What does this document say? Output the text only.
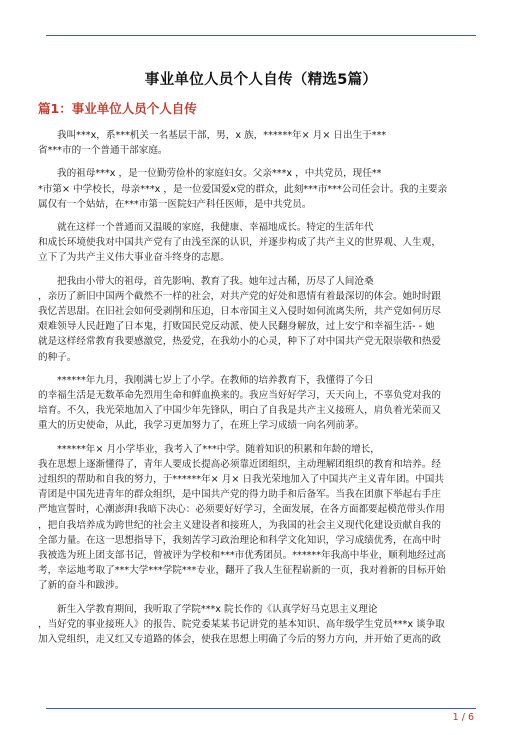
事业单位人员个人自传（精选5篇）
篇1：事业单位人员个人自传
我叫***x，系***机关一名基层干部，男，x 族，******年× 月× 日出生于***
省***市的一个普通干部家庭。
我的祖母***x ，是一位勤劳俭朴的家庭妇女。父亲***x ，中共党员，现任**
*市第× 中学校长，母亲***x ，是一位爱国爱x党的群众，此刻***市***公司任会计。我的主要亲
属仅有一个姑姑，在***市第一医院妇产科任医师，是中共党员。
就在这样一个普通而又温暖的家庭，我健康、幸福地成长。特定的生活年代
和成长环境使我对中国共产党有了由浅至深的认识，并逐步构成了共产主义的世界观、人生观，
立下了为共产主义伟大事业奋斗终身的志愿。
把我由小带大的祖母，首先影响、教育了我。她年过古稀，历尽了人间沧桑
，亲历了新旧中国两个截然不一样的社会，对共产党的好处和恩情有着最深切的体会。她时时跟
我忆苦思甜。在旧社会如何受剥削和压迫，日本帝国主义入侵时如何流离失所，共产党如何历尽
艰难领导人民赶跑了日本鬼，打败国民党反动派、使人民翻身解放，过上安宁和幸福生活- - 她
就是这样经常教育我要感激党，热爱党，在我幼小的心灵，种下了对中国共产党无限崇敬和热爱
的种子。
******年九月，我刚满七岁上了小学。在教师的培养教育下，我懂得了今日
的幸福生活是无数革命先烈用生命和鲜血换来的。我应当好好学习，天天向上，不辜负党对我的
培育。不久，我光荣地加入了中国少年先锋队，明白了自我是共产主义接班人，肩负着光荣而又
重大的历史使命，从此，我学习更加努力了，在班上学习成绩一向名列前茅。
******年× 月小学毕业，我考入了***中学。随着知识的积累和年龄的增长，
我在思想上逐渐懂得了，青年人要成长提高必须靠近团组织，主动理解团组织的教育和培养。经
过组织的帮助和自我的努力，于******年× 月× 日我光荣地加入了中国共产主义青年团。中国共
青团是中国先进青年的群众组织，是中国共产党的得力助手和后备军。当我在团旗下举起右手庄
严地宣誓时，心潮澎湃!我暗下决心：必须要好好学习，全面发展，在各方面都要起模范带头作用
，把自我培养成为跨世纪的社会主义建设者和接班人，为我国的社会主义现代化建设贡献自我的
全部力量。在这一思想指导下，我刻苦学习政治理论和科学文化知识，学习成绩优秀，在高中时
我被选为班上团支部书记，曾被评为学校和***市优秀团员。******年我高中毕业，顺利地经过高
考，幸运地考取了***大学***学院***专业，翻开了我人生征程崭新的一页，我对着新的目标开始
了新的奋斗和跋涉。
新生入学教育期间，我听取了学院***x 院长作的《认真学好马克思主义理论
，当好党的事业接班人》的报告、院党委某某书记讲党的基本知识、高年级学生党员***x 谈争取
加入党组织，走又红又专道路的体会，使我在思想上明确了今后的努力方向，并开始了更高的政
1 / 6
